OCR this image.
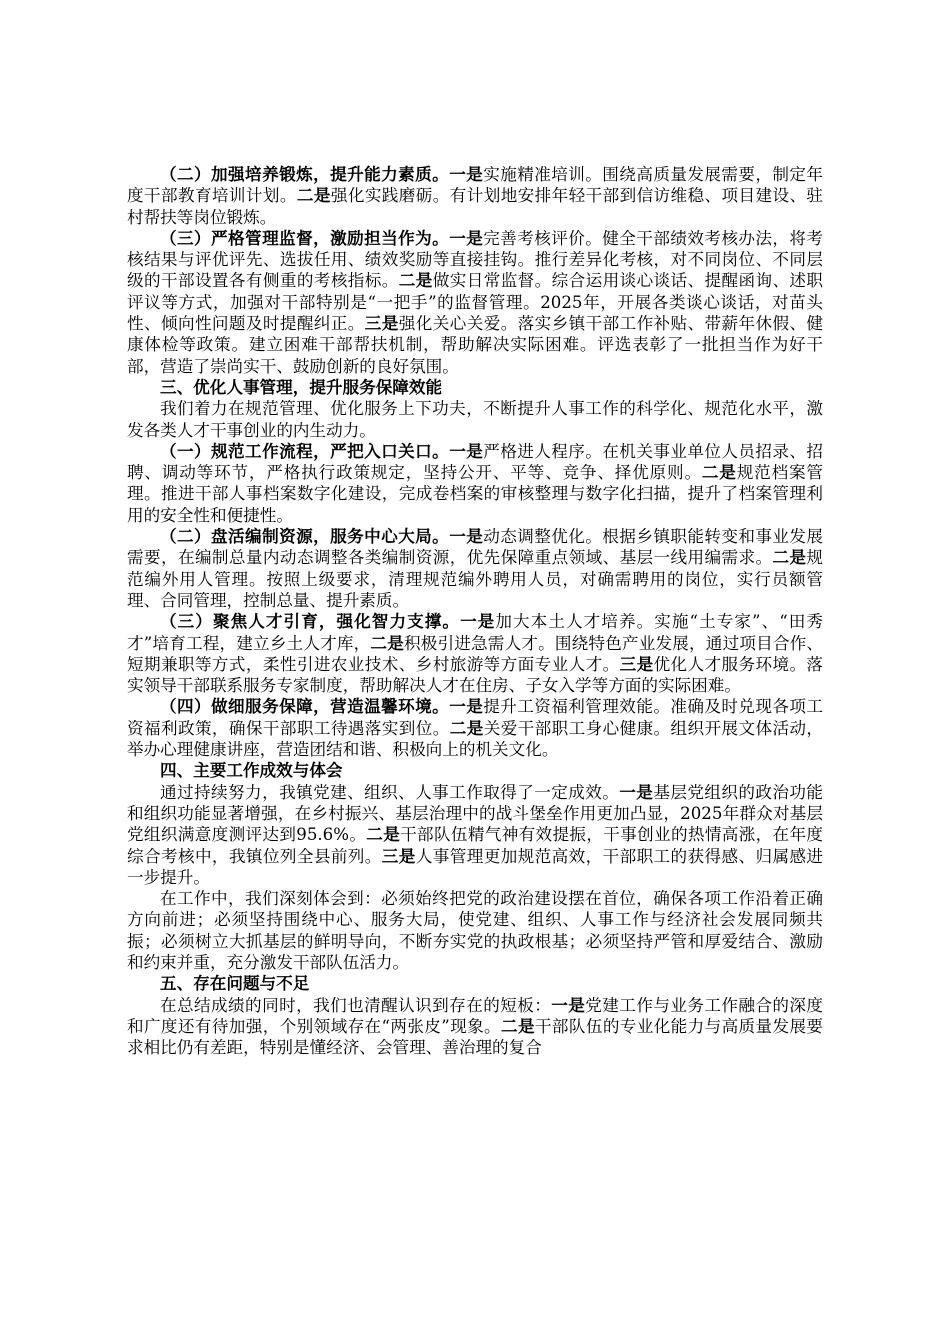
（二）加强培养锻炼，提升能力素质。一是实施精准培训。围绕高质量发展需要，制定年度干部教育培训计划。二是强化实践磨砺。有计划地安排年轻干部到信访维稳、项目建设、驻村帮扶等岗位锻炼。

（三）严格管理监督，激励担当作为。一是完善考核评价。健全干部绩效考核办法，将考核结果与评优评先、选拔任用、绩效奖励等直接挂钩。推行差异化考核，对不同岗位、不同层级的干部设置各有侧重的考核指标。二是做实日常监督。综合运用谈心谈话、提醒函询、述职评议等方式，加强对干部特别是“一把手”的监督管理。2025年，开展各类谈心谈话，对苗头性、倾向性问题及时提醒纠正。三是强化关心关爱。落实乡镇干部工作补贴、带薪年休假、健康体检等政策。建立困难干部帮扶机制，帮助解决实际困难。评选表彰了一批担当作为好干部，营造了崇尚实干、鼓励创新的良好氛围。

三、优化人事管理，提升服务保障效能

我们着力在规范管理、优化服务上下功夫，不断提升人事工作的科学化、规范化水平，激发各类人才干事创业的内生动力。

（一）规范工作流程，严把入口关口。一是严格进人程序。在机关事业单位人员招录、招聘、调动等环节，严格执行政策规定，坚持公开、平等、竞争、择优原则。二是规范档案管理。推进干部人事档案数字化建设，完成卷档案的审核整理与数字化扫描，提升了档案管理利用的安全性和便捷性。

（二）盘活编制资源，服务中心大局。一是动态调整优化。根据乡镇职能转变和事业发展需要，在编制总量内动态调整各类编制资源，优先保障重点领域、基层一线用编需求。二是规范编外用人管理。按照上级要求，清理规范编外聘用人员，对确需聘用的岗位，实行员额管理、合同管理，控制总量、提升素质。

（三）聚焦人才引育，强化智力支撑。一是加大本土人才培养。实施“土专家”、“田秀才”培育工程，建立乡土人才库，二是积极引进急需人才。围绕特色产业发展，通过项目合作、短期兼职等方式，柔性引进农业技术、乡村旅游等方面专业人才。三是优化人才服务环境。落实领导干部联系服务专家制度，帮助解决人才在住房、子女入学等方面的实际困难。

（四）做细服务保障，营造温馨环境。一是提升工资福利管理效能。准确及时兑现各项工资福利政策，确保干部职工待遇落实到位。二是关爱干部职工身心健康。组织开展文体活动，举办心理健康讲座，营造团结和谐、积极向上的机关文化。

四、主要工作成效与体会

通过持续努力，我镇党建、组织、人事工作取得了一定成效。一是基层党组织的政治功能和组织功能显著增强，在乡村振兴、基层治理中的战斗堡垒作用更加凸显，2025年群众对基层党组织满意度测评达到95.6%。二是干部队伍精气神有效提振，干事创业的热情高涨，在年度综合考核中，我镇位列全县前列。三是人事管理更加规范高效，干部职工的获得感、归属感进一步提升。

在工作中，我们深刻体会到：必须始终把党的政治建设摆在首位，确保各项工作沿着正确方向前进；必须坚持围绕中心、服务大局，使党建、组织、人事工作与经济社会发展同频共振；必须树立大抓基层的鲜明导向，不断夯实党的执政根基；必须坚持严管和厚爱结合、激励和约束并重，充分激发干部队伍活力。

五、存在问题与不足

在总结成绩的同时，我们也清醒认识到存在的短板：一是党建工作与业务工作融合的深度和广度还有待加强，个别领域存在“两张皮”现象。二是干部队伍的专业化能力与高质量发展要求相比仍有差距，特别是懂经济、会管理、善治理的复合
